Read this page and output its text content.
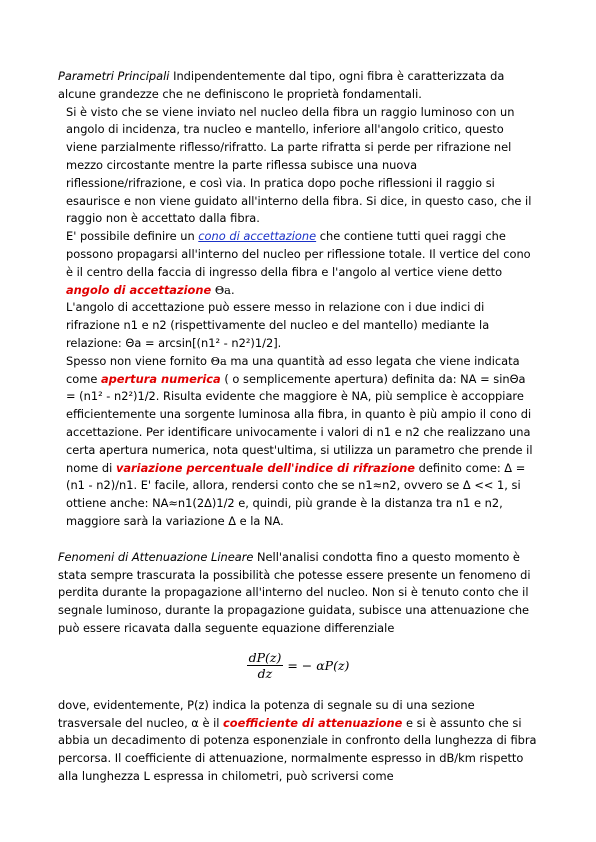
Parametri Principali Indipendentemente dal tipo, ogni fibra è caratterizzata da alcune grandezze che ne definiscono le proprietà fondamentali.

Si è visto che se viene inviato nel nucleo della fibra un raggio luminoso con un angolo di incidenza, tra nucleo e mantello, inferiore all'angolo critico, questo viene parzialmente riflesso/rifratto. La parte rifratta si perde per rifrazione nel mezzo circostante mentre la parte riflessa subisce una nuova riflessione/rifrazione, e così via. In pratica dopo poche riflessioni il raggio si esaurisce e non viene guidato all'interno della fibra. Si dice, in questo caso, che il raggio non è accettato dalla fibra.

E' possibile definire un cono di accettazione che contiene tutti quei raggi che possono propagarsi all'interno del nucleo per riflessione totale. Il vertice del cono è il centro della faccia di ingresso della fibra e l'angolo al vertice viene detto angolo di accettazione Θa.

L'angolo di accettazione può essere messo in relazione con i due indici di rifrazione n1 e n2 (rispettivamente del nucleo e del mantello) mediante la relazione: Θa = arcsin[(n1² - n2²)1/2].

Spesso non viene fornito Θa ma una quantità ad esso legata che viene indicata come apertura numerica ( o semplicemente apertura) definita da: NA = sinΘa = (n1² - n2²)1/2. Risulta evidente che maggiore è NA, più semplice è accoppiare efficientemente una sorgente luminosa alla fibra, in quanto è più ampio il cono di accettazione. Per identificare univocamente i valori di n1 e n2 che realizzano una certa apertura numerica, nota quest'ultima, si utilizza un parametro che prende il nome di variazione percentuale dell'indice di rifrazione definito come: Δ = (n1 - n2)/n1. E' facile, allora, rendersi conto che se n1≈n2, ovvero se Δ << 1, si ottiene anche: NA≈n1(2Δ)1/2 e, quindi, più grande è la distanza tra n1 e n2, maggiore sarà la variazione Δ e la NA.

Fenomeni di Attenuazione Lineare Nell'analisi condotta fino a questo momento è stata sempre trascurata la possibilità che potesse essere presente un fenomeno di perdita durante la propagazione all'interno del nucleo. Non si è tenuto conto che il segnale luminoso, durante la propagazione guidata, subisce una attenuazione che può essere ricavata dalla seguente equazione differenziale

$\frac{dP(z)}{dz}$ = − αP(z)

dove, evidentemente, P(z) indica la potenza di segnale su di una sezione trasversale del nucleo, α è il coefficiente di attenuazione e si è assunto che si abbia un decadimento di potenza esponenziale in confronto della lunghezza di fibra percorsa. Il coefficiente di attenuazione, normalmente espresso in dB/km rispetto alla lunghezza L espressa in chilometri, può scriversi come
